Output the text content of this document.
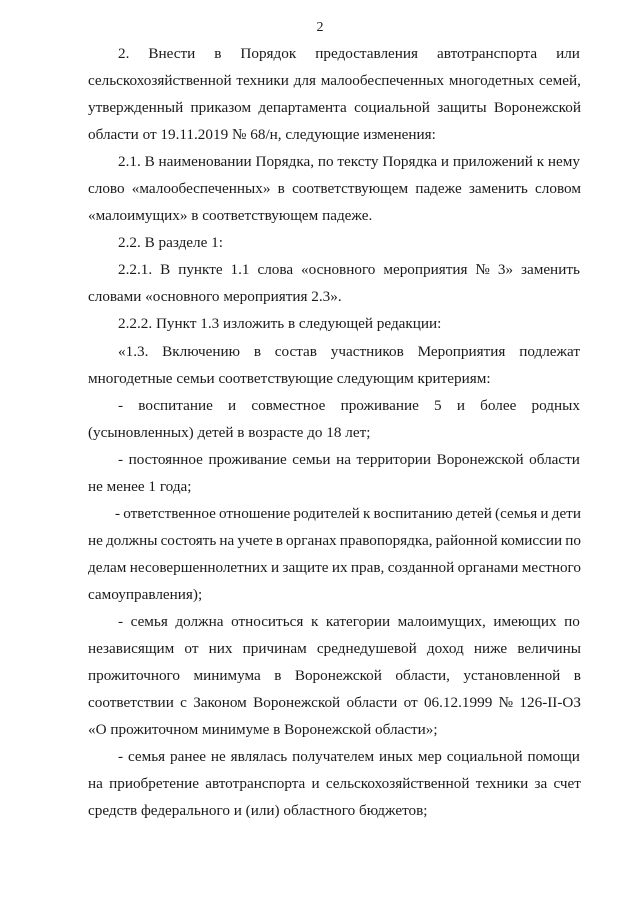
2
2. Внести в Порядок предоставления автотранспорта или
сельскохозяйственной техники для малообеспеченных многодетных семей,
утвержденный приказом департамента социальной защиты Воронежской
области от 19.11.2019 № 68/н, следующие изменения:
2.1. В наименовании Порядка, по тексту Порядка и приложений к нему
слово «малообеспеченных» в соответствующем падеже заменить словом
«малоимущих» в соответствующем падеже.
2.2. В разделе 1:
2.2.1. В пункте 1.1 слова «основного мероприятия № 3» заменить
словами «основного мероприятия 2.3».
2.2.2. Пункт 1.3 изложить в следующей редакции:
«1.3. Включению в состав участников Мероприятия подлежат
многодетные семьи соответствующие следующим критериям:
- воспитание и совместное проживание 5 и более родных
(усыновленных) детей в возрасте до 18 лет;
- постоянное проживание семьи на территории Воронежской области
не менее 1 года;
- ответственное отношение родителей к воспитанию детей (семья и дети
не должны состоять на учете в органах правопорядка, районной комиссии по
делам несовершеннолетних и защите их прав, созданной органами местного
самоуправления);
- семья должна относиться к категории малоимущих, имеющих по
независящим от них причинам среднедушевой доход ниже величины
прожиточного минимума в Воронежской области, установленной в
соответствии с Законом Воронежской области от 06.12.1999 № 126-II-ОЗ
«О прожиточном минимуме в Воронежской области»;
- семья ранее не являлась получателем иных мер социальной помощи
на приобретение автотранспорта и сельскохозяйственной техники за счет
средств федерального и (или) областного бюджетов;
